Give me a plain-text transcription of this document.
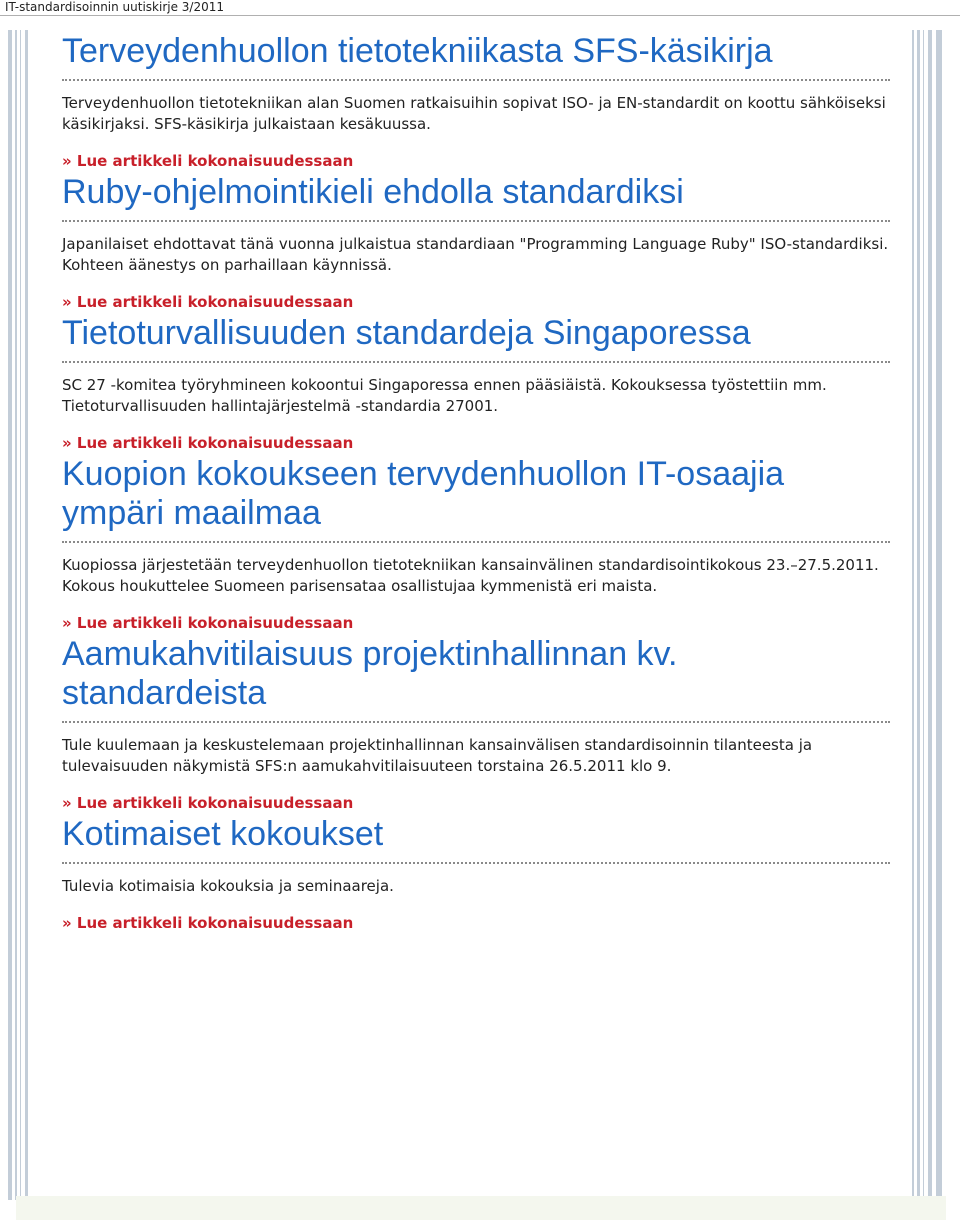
IT-standardisoinnin uutiskirje 3/2011
Terveydenhuollon tietotekniikasta SFS-käsikirja

Terveydenhuollon tietotekniikan alan Suomen ratkaisuihin sopivat ISO- ja EN-standardit on koottu sähköiseksi käsikirjaksi. SFS-käsikirja julkaistaan kesäkuussa.

» Lue artikkeli kokonaisuudessaan
Ruby-ohjelmointikieli ehdolla standardiksi

Japanilaiset ehdottavat tänä vuonna julkaistua standardiaan "Programming Language Ruby" ISO-standardiksi. Kohteen äänestys on parhaillaan käynnissä.

» Lue artikkeli kokonaisuudessaan
Tietoturvallisuuden standardeja Singaporessa

SC 27 -komitea työryhmineen kokoontui Singaporessa ennen pääsiäistä. Kokouksessa työstettiin mm. Tietoturvallisuuden hallintajärjestelmä -standardia 27001.

» Lue artikkeli kokonaisuudessaan
Kuopion kokoukseen tervydenhuollon IT-osaajia ympäri maailmaa

Kuopiossa järjestetään terveydenhuollon tietotekniikan kansainvälinen standardisointikokous 23.–27.5.2011. Kokous houkuttelee Suomeen parisensataa osallistujaa kymmenistä eri maista.

» Lue artikkeli kokonaisuudessaan
Aamukahvitilaisuus projektinhallinnan kv. standardeista

Tule kuulemaan ja keskustelemaan projektinhallinnan kansainvälisen standardisoinnin tilanteesta ja tulevaisuuden näkymistä SFS:n aamukahvitilaisuuteen torstaina 26.5.2011 klo 9.

» Lue artikkeli kokonaisuudessaan
Kotimaiset kokoukset

Tulevia kotimaisia kokouksia ja seminaareja.

» Lue artikkeli kokonaisuudessaan
